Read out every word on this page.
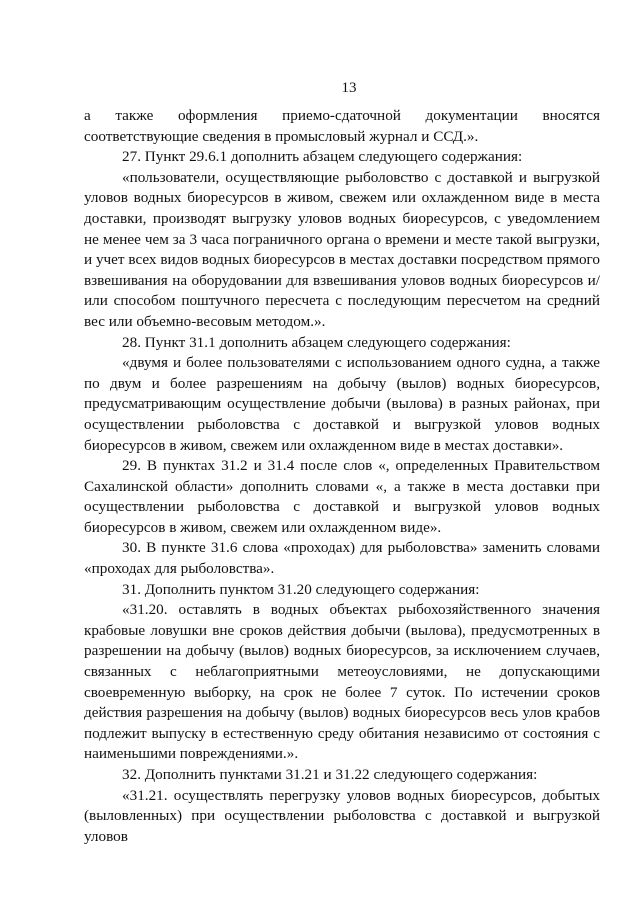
13

а также оформления приемо-сдаточной документации вносятся соответствующие сведения в промысловый журнал и ССД.».

27. Пункт 29.6.1 дополнить абзацем следующего содержания:

«пользователи, осуществляющие рыболовство с доставкой и выгрузкой уловов водных биоресурсов в живом, свежем или охлажденном виде в места доставки, производят выгрузку уловов водных биоресурсов, с уведомлением не менее чем за 3 часа пограничного органа о времени и месте такой выгрузки, и учет всех видов водных биоресурсов в местах доставки посредством прямого взвешивания на оборудовании для взвешивания уловов водных биоресурсов и/или способом поштучного пересчета с последующим пересчетом на средний вес или объемно-весовым методом.».

28. Пункт 31.1 дополнить абзацем следующего содержания:

«двумя и более пользователями с использованием одного судна, а также по двум и более разрешениям на добычу (вылов) водных биоресурсов, предусматривающим осуществление добычи (вылова) в разных районах, при осуществлении рыболовства с доставкой и выгрузкой уловов водных биоресурсов в живом, свежем или охлажденном виде в местах доставки».

29. В пунктах 31.2 и 31.4 после слов «, определенных Правительством Сахалинской области» дополнить словами «, а также в места доставки при осуществлении рыболовства с доставкой и выгрузкой уловов водных биоресурсов в живом, свежем или охлажденном виде».

30. В пункте 31.6 слова «проходах) для рыболовства» заменить словами «проходах для рыболовства».

31. Дополнить пунктом 31.20 следующего содержания:

«31.20. оставлять в водных объектах рыбохозяйственного значения крабовые ловушки вне сроков действия добычи (вылова), предусмотренных в разрешении на добычу (вылов) водных биоресурсов, за исключением случаев, связанных с неблагоприятными метеоусловиями, не допускающими своевременную выборку, на срок не более 7 суток. По истечении сроков действия разрешения на добычу (вылов) водных биоресурсов весь улов крабов подлежит выпуску в естественную среду обитания независимо от состояния с наименьшими повреждениями.».

32. Дополнить пунктами 31.21 и 31.22 следующего содержания:

«31.21. осуществлять перегрузку уловов водных биоресурсов, добытых (выловленных) при осуществлении рыболовства с доставкой и выгрузкой уловов
